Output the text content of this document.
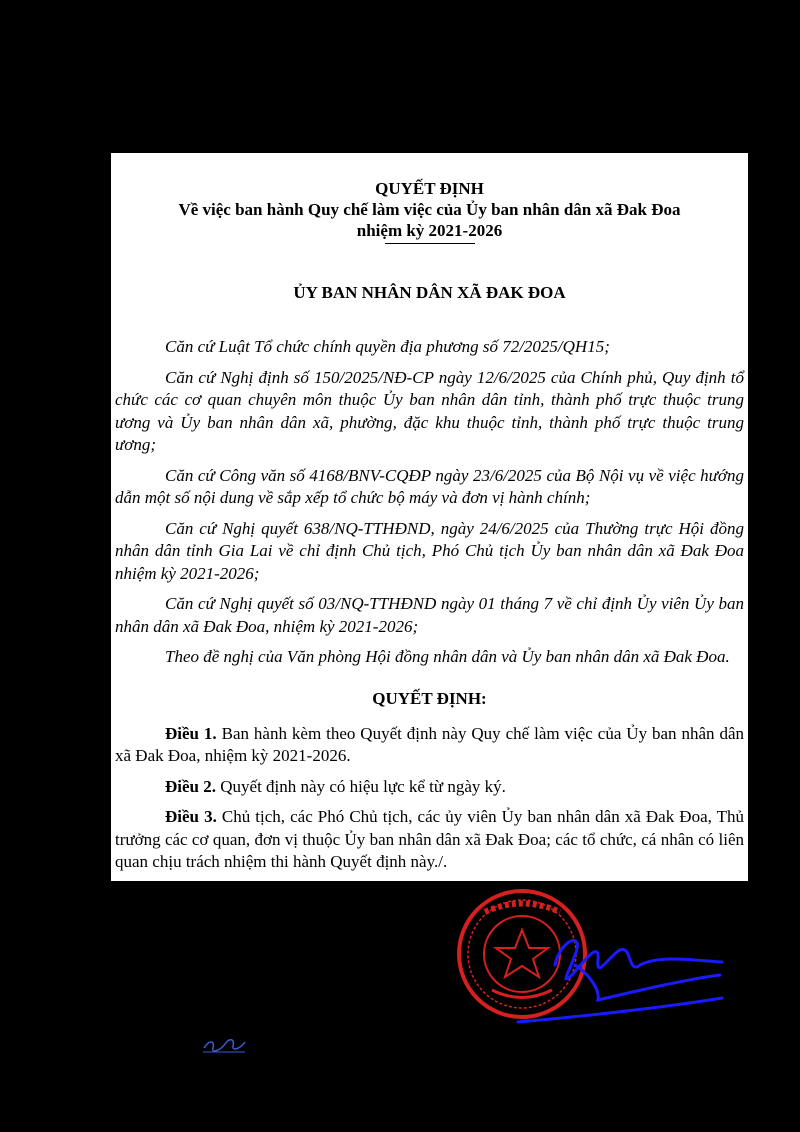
QUYẾT ĐỊNH
Về việc ban hành Quy chế làm việc của Ủy ban nhân dân xã Đak Đoa
nhiệm kỳ 2021-2026
ỦY BAN NHÂN DÂN XÃ ĐAK ĐOA

Căn cứ Luật Tổ chức chính quyền địa phương số 72/2025/QH15;

Căn cứ Nghị định số 150/2025/NĐ-CP ngày 12/6/2025 của Chính phủ, Quy định tổ chức các cơ quan chuyên môn thuộc Ủy ban nhân dân tỉnh, thành phố trực thuộc trung ương và Ủy ban nhân dân xã, phường, đặc khu thuộc tỉnh, thành phố trực thuộc trung ương;

Căn cứ Công văn số 4168/BNV-CQĐP ngày 23/6/2025 của Bộ Nội vụ về việc hướng dẫn một số nội dung về sắp xếp tổ chức bộ máy và đơn vị hành chính;

Căn cứ Nghị quyết 638/NQ-TTHĐND, ngày 24/6/2025 của Thường trực Hội đồng nhân dân tỉnh Gia Lai về chỉ định Chủ tịch, Phó Chủ tịch Ủy ban nhân dân xã Đak Đoa nhiệm kỳ 2021-2026;

Căn cứ Nghị quyết số 03/NQ-TTHĐND ngày 01 tháng 7 về chỉ định Ủy viên Ủy ban nhân dân xã Đak Đoa, nhiệm kỳ 2021-2026;

Theo đề nghị của Văn phòng Hội đồng nhân dân và Ủy ban nhân dân xã Đak Đoa.

QUYẾT ĐỊNH:

Điều 1. Ban hành kèm theo Quyết định này Quy chế làm việc của Ủy ban nhân dân xã Đak Đoa, nhiệm kỳ 2021-2026.

Điều 2. Quyết định này có hiệu lực kể từ ngày ký.

Điều 3. Chủ tịch, các Phó Chủ tịch, các ủy viên Ủy ban nhân dân xã Đak Đoa, Thủ trưởng các cơ quan, đơn vị thuộc Ủy ban nhân dân xã Đak Đoa; các tổ chức, cá nhân có liên quan chịu trách nhiệm thi hành Quyết định này./.
